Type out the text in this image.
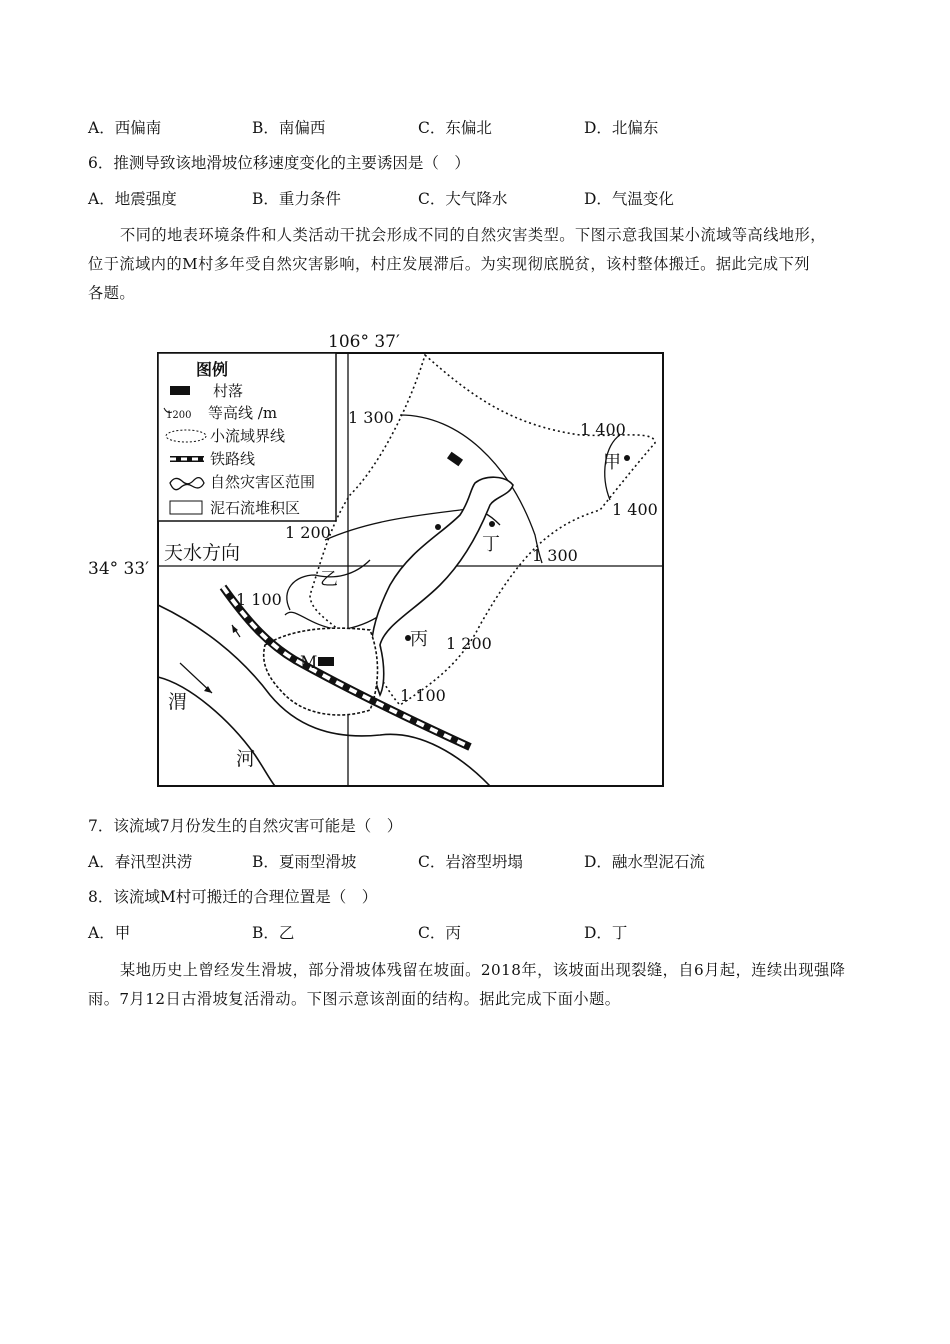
A．西偏南	B．南偏西	C．东偏北	D．北偏东
6．推测导致该地滑坡位移速度变化的主要诱因是（　）
A．地震强度	B．重力条件	C．大气降水	D．气温变化

不同的地表环境条件和人类活动干扰会形成不同的自然灾害类型。下图示意我国某小流域等高线地形，

位于流域内的M村多年受自然灾害影响，村庄发展滞后。为实现彻底脱贫，该村整体搬迁。据此完成下列

各题。

106° 37′
34° 33′
图例
村落
1200 等高线 /m
小流域界线
铁路线
自然灾害区范围
泥石流堆积区
天水方向
渭
河
1 300
1 400
1 400
1 200
1 300
1 100
1 200
1 100
甲
乙
丙
丁
M
7．该流域7月份发生的自然灾害可能是（　）
A．春汛型洪涝	B．夏雨型滑坡	C．岩溶型坍塌	D．融水型泥石流
8．该流域M村可搬迁的合理位置是（　）
A．甲	B．乙	C．丙	D．丁

某地历史上曾经发生滑坡，部分滑坡体残留在坡面。2018年，该坡面出现裂缝，自6月起，连续出现强降

雨。7月12日古滑坡复活滑动。下图示意该剖面的结构。据此完成下面小题。
